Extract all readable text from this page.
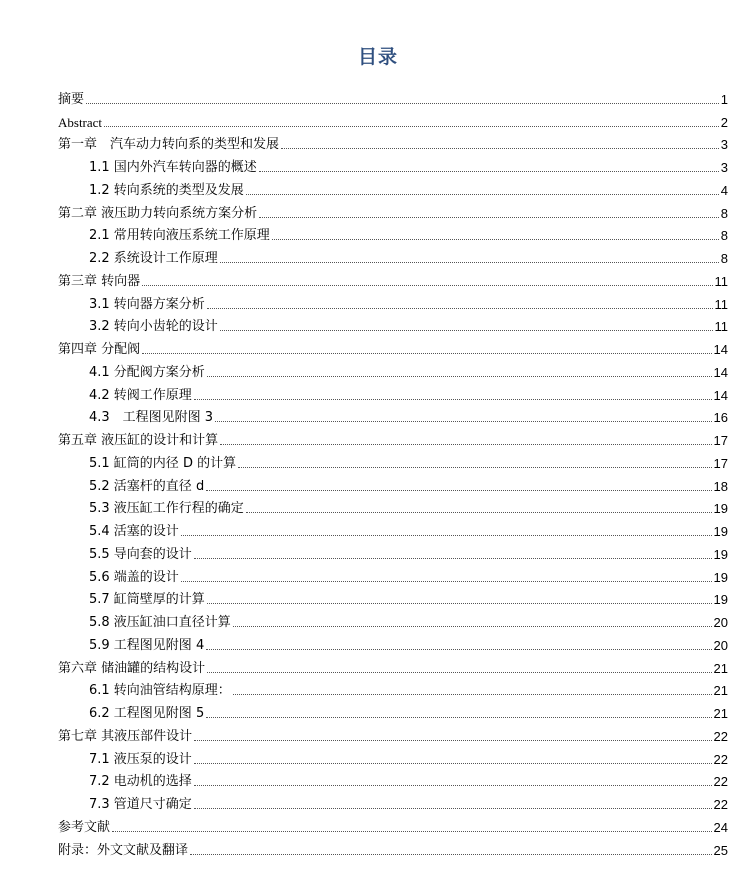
目录
摘要	1
Abstract	2
第一章　汽车动力转向系的类型和发展	3
1.1 国内外汽车转向器的概述	3
1.2 转向系统的类型及发展	4
第二章 液压助力转向系统方案分析	8
2.1 常用转向液压系统工作原理	8
2.2 系统设计工作原理	8
第三章 转向器	11
3.1 转向器方案分析	11
3.2 转向小齿轮的设计	11
第四章 分配阀	14
4.1 分配阀方案分析	14
4.2 转阀工作原理	14
4.3　工程图见附图 3	16
第五章 液压缸的设计和计算	17
5.1 缸筒的内径 D 的计算	17
5.2 活塞杆的直径 d	18
5.3 液压缸工作行程的确定	19
5.4 活塞的设计	19
5.5 导向套的设计	19
5.6 端盖的设计	19
5.7 缸筒壁厚的计算	19
5.8 液压缸油口直径计算	20
5.9 工程图见附图 4	20
第六章 储油罐的结构设计	21
6.1 转向油管结构原理：	21
6.2 工程图见附图 5	21
第七章 其液压部件设计	22
7.1 液压泵的设计	22
7.2 电动机的选择	22
7.3 管道尺寸确定	22
参考文献	24
附录：外文文献及翻译	25
